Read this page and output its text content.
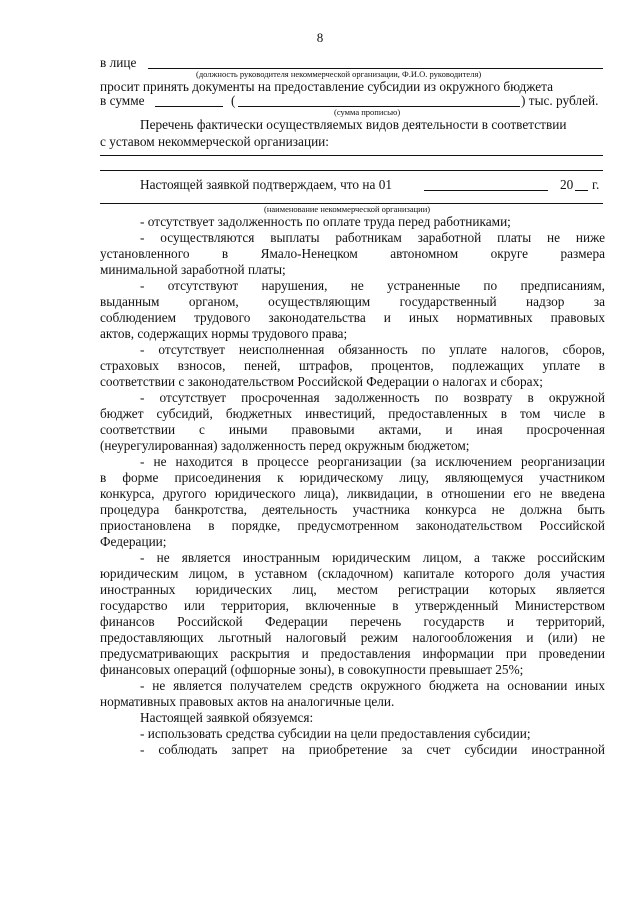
8
в лице
(должность руководителя некоммерческой организации, Ф.И.О. руководителя)
просит принять документы на предоставление субсидии из окружного бюджета
в сумме	(	) тыс. рублей.
(сумма прописью)
Перечень фактически осуществляемых видов деятельности в соответствии
с уставом некоммерческой организации:
Настоящей заявкой подтверждаем, что на 01	20 г.
(наименование некоммерческой организации)
- отсутствует задолженность по оплате труда перед работниками;
- осуществляются выплаты работникам заработной платы не ниже
установленного в Ямало-Ненецком автономном округе размера
минимальной заработной платы;
- отсутствуют нарушения, не устраненные по предписаниям,
выданным органом, осуществляющим государственный надзор за
соблюдением трудового законодательства и иных нормативных правовых
актов, содержащих нормы трудового права;
- отсутствует неисполненная обязанность по уплате налогов, сборов,
страховых взносов, пеней, штрафов, процентов, подлежащих уплате в
соответствии с законодательством Российской Федерации о налогах и сборах;
- отсутствует просроченная задолженность по возврату в окружной
бюджет субсидий, бюджетных инвестиций, предоставленных в том числе в
соответствии с иными правовыми актами, и иная просроченная
(неурегулированная) задолженность перед окружным бюджетом;
- не находится в процессе реорганизации (за исключением реорганизации
в форме присоединения к юридическому лицу, являющемуся участником
конкурса, другого юридического лица), ликвидации, в отношении его не введена
процедура банкротства, деятельность участника конкурса не должна быть
приостановлена в порядке, предусмотренном законодательством Российской
Федерации;
- не является иностранным юридическим лицом, а также российским
юридическим лицом, в уставном (складочном) капитале которого доля участия
иностранных юридических лиц, местом регистрации которых является
государство или территория, включенные в утвержденный Министерством
финансов Российской Федерации перечень государств и территорий,
предоставляющих льготный налоговый режим налогообложения и (или) не
предусматривающих раскрытия и предоставления информации при проведении
финансовых операций (офшорные зоны), в совокупности превышает 25%;
- не является получателем средств окружного бюджета на основании иных
нормативных правовых актов на аналогичные цели.
Настоящей заявкой обязуемся:
- использовать средства субсидии на цели предоставления субсидии;
- соблюдать запрет на приобретение за счет субсидии иностранной
